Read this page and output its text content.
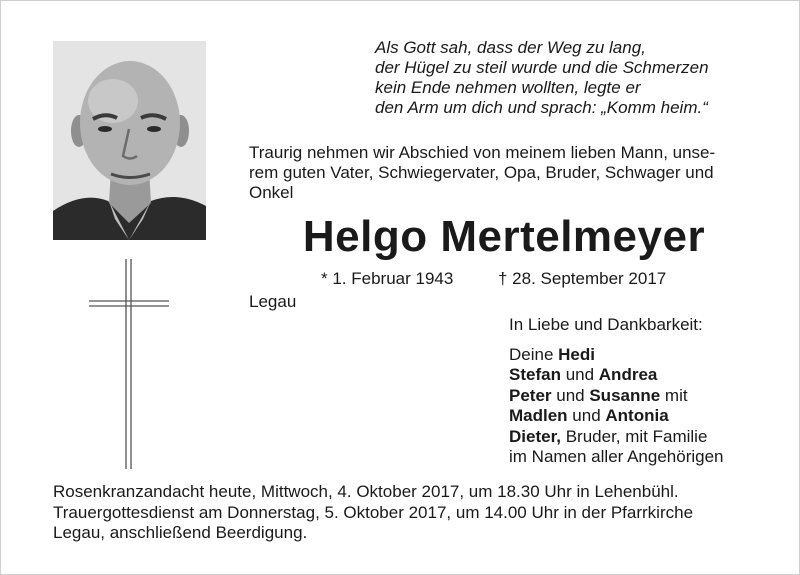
Als Gott sah, dass der Weg zu lang,
der Hügel zu steil wurde und die Schmerzen
kein Ende nehmen wollten, legte er
den Arm um dich und sprach: „Komm heim.“
Traurig nehmen wir Abschied von meinem lieben Mann, unse-
rem guten Vater, Schwiegervater, Opa, Bruder, Schwager und
Onkel
Helgo Mertelmeyer
* 1. Februar 1943	† 28. September 2017
Legau
In Liebe und Dankbarkeit:
Deine Hedi
Stefan und Andrea
Peter und Susanne mit
Madlen und Antonia
Dieter, Bruder, mit Familie
im Namen aller Angehörigen
Rosenkranzandacht heute, Mittwoch, 4. Oktober 2017, um 18.30 Uhr in Lehenbühl.
Trauergottesdienst am Donnerstag, 5. Oktober 2017, um 14.00 Uhr in der Pfarrkirche
Legau, anschließend Beerdigung.
